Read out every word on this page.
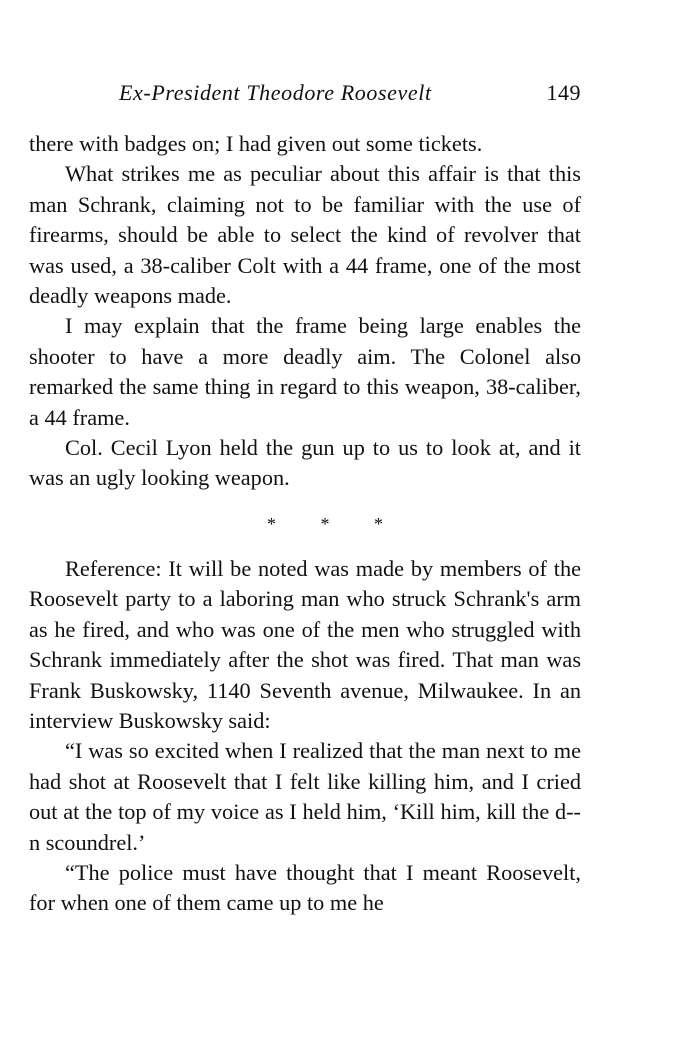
Ex-President Theodore Roosevelt	149

there with badges on; I had given out some tickets.

What strikes me as peculiar about this affair is that this man Schrank, claiming not to be familiar with the use of firearms, should be able to select the kind of revolver that was used, a 38-caliber Colt with a 44 frame, one of the most deadly weapons made.

I may explain that the frame being large enables the shooter to have a more deadly aim. The Colonel also remarked the same thing in regard to this weapon, 38-caliber, a 44 frame.

Col. Cecil Lyon held the gun up to us to look at, and it was an ugly looking weapon.

* * *

Reference: It will be noted was made by members of the Roosevelt party to a laboring man who struck Schrank's arm as he fired, and who was one of the men who struggled with Schrank immediately after the shot was fired. That man was Frank Buskowsky, 1140 Seventh avenue, Milwaukee. In an interview Buskowsky said:

“I was so excited when I realized that the man next to me had shot at Roosevelt that I felt like killing him, and I cried out at the top of my voice as I held him, ‘Kill him, kill the d--n scoundrel.’

“The police must have thought that I meant Roosevelt, for when one of them came up to me he
